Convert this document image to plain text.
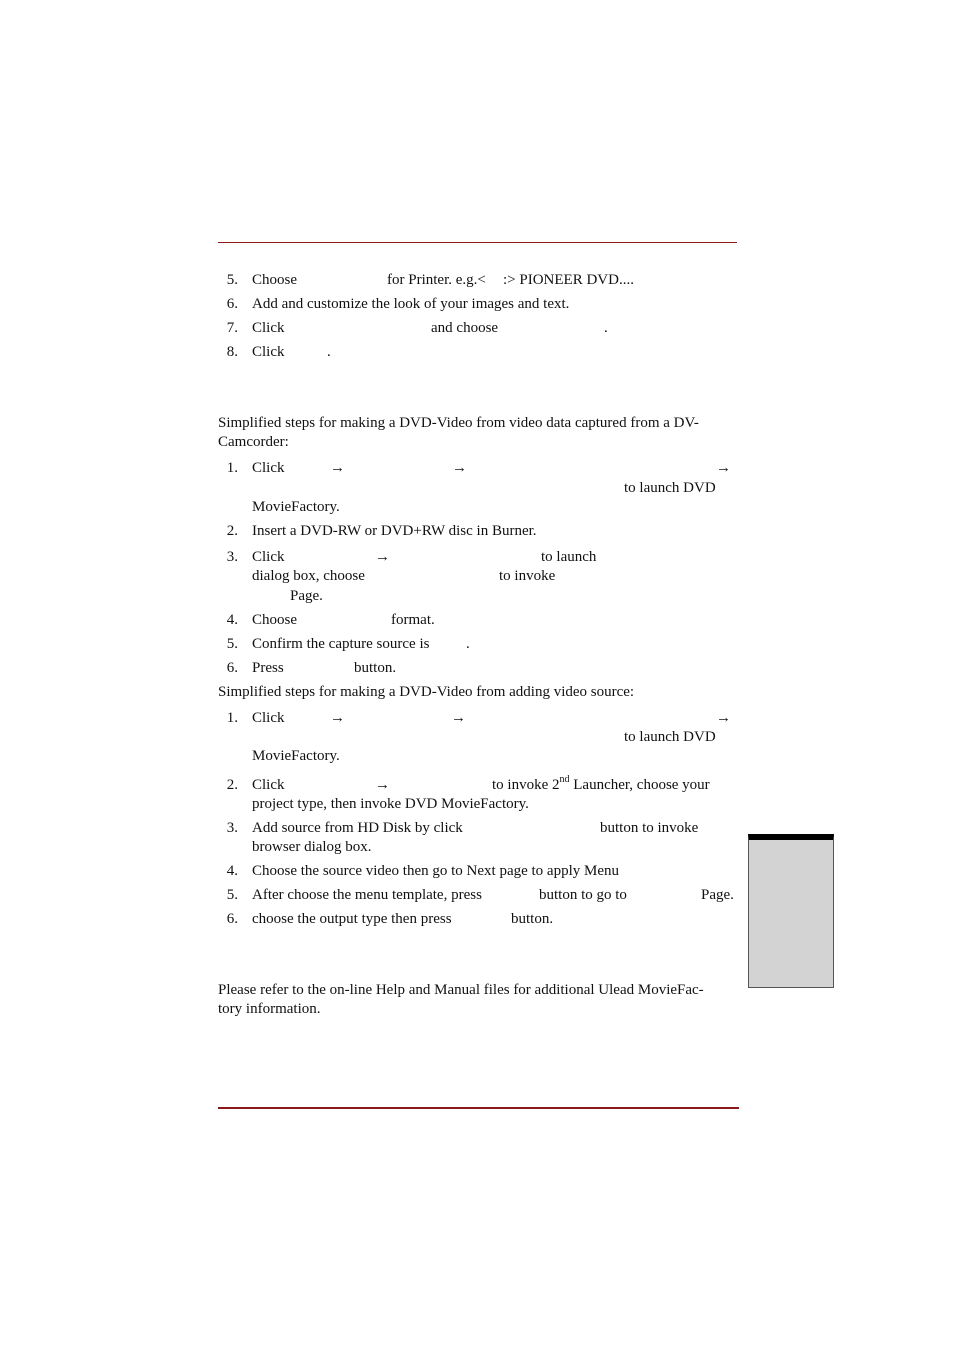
5. Choose	for Printer. e.g.< :> PIONEER DVD....
6. Add and customize the look of your images and text.
7. Click	and choose	.
8. Click	.
Simplified steps for making a DVD-Video from video data captured from a DV-
Camcorder:
1. Click	→	→	→
to launch DVD
MovieFactory.
2. Insert a DVD-RW or DVD+RW disc in Burner.
3. Click	→	to launch
dialog box, choose	to invoke
Page.
4. Choose	format.
5. Confirm the capture source is .
6. Press	button.
Simplified steps for making a DVD-Video from adding video source:
1. Click	→	→	→
to launch DVD
MovieFactory.
2. Click	→	to invoke 2nd Launcher, choose your
project type, then invoke DVD MovieFactory.
3. Add source from HD Disk by click	button to invoke
browser dialog box.
4. Choose the source video then go to Next page to apply Menu
5. After choose the menu template, press	button to go to	Page.
6. choose the output type then press	button.
Please refer to the on-line Help and Manual files for additional Ulead MovieFac-
tory information.
